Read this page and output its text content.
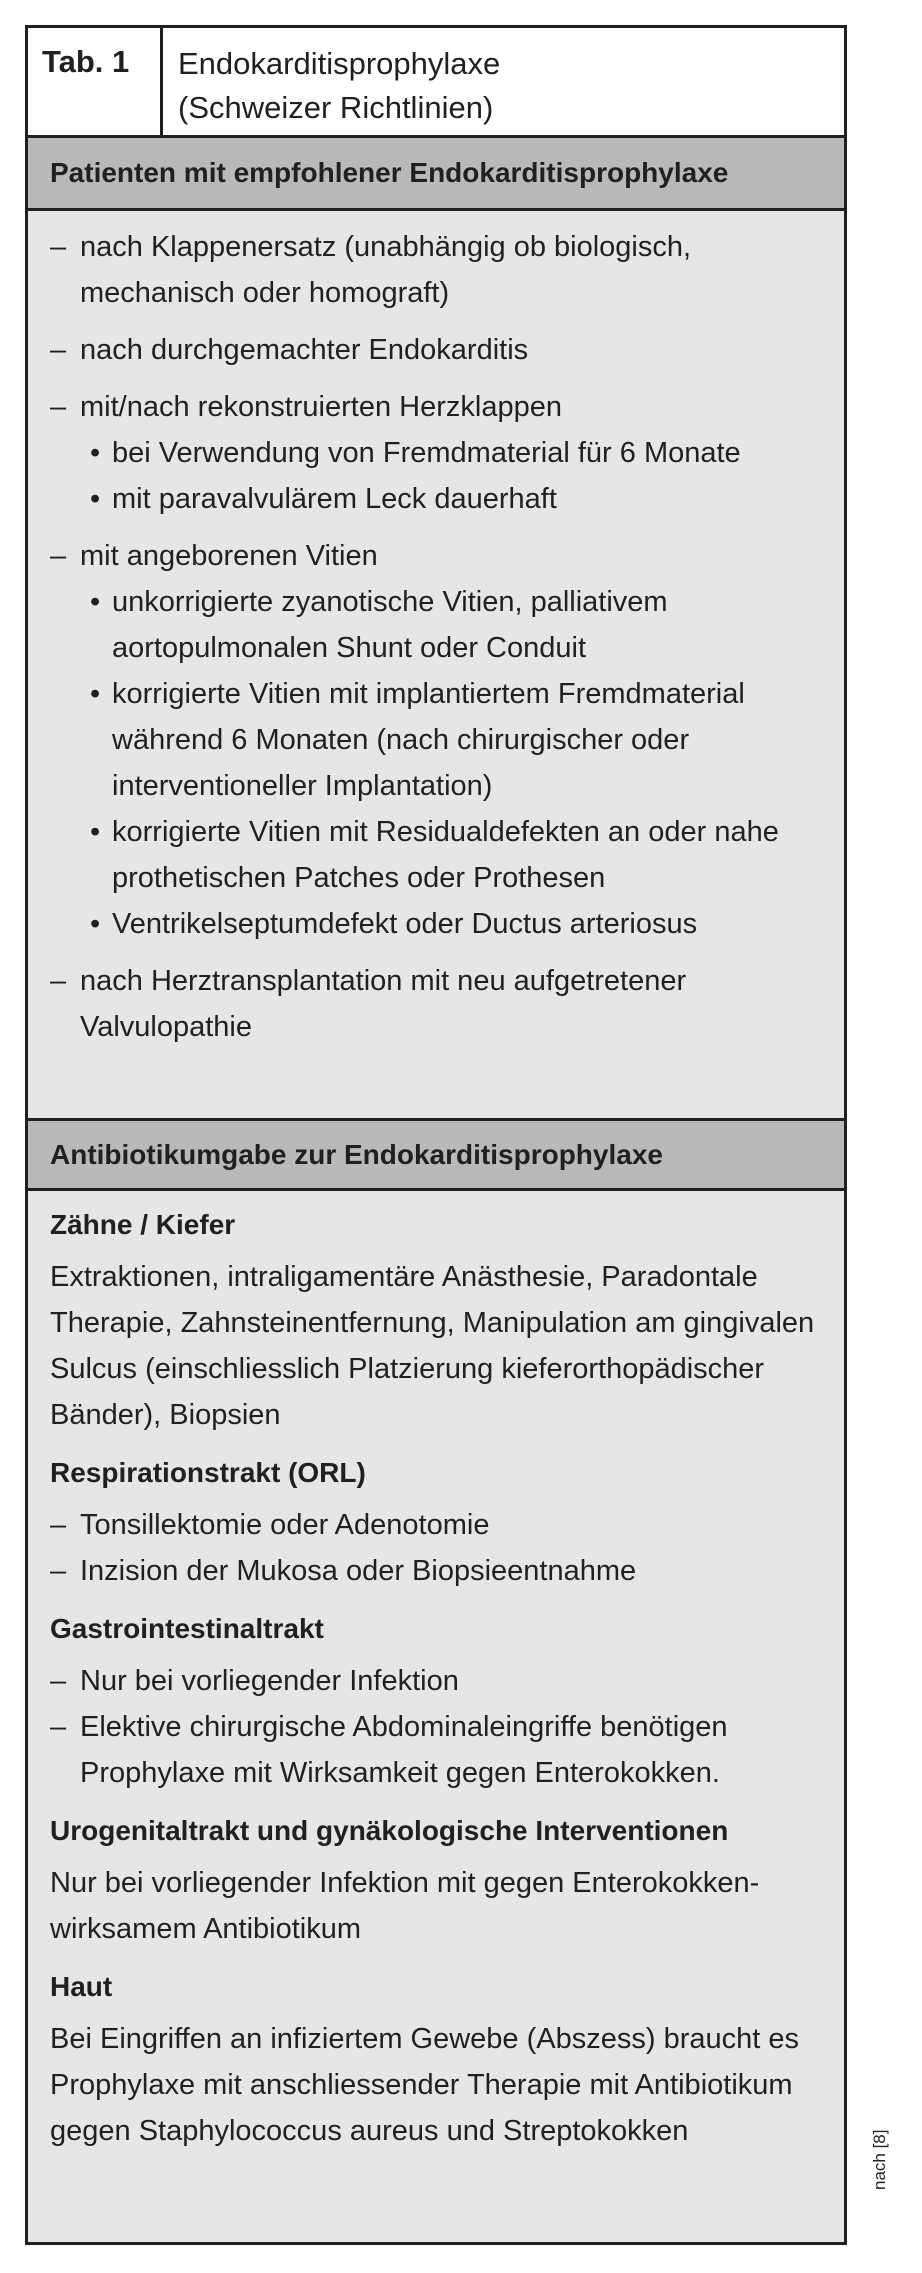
Tab. 1	Endokarditisprophylaxe
(Schweizer Richtlinien)
Patienten mit empfohlener Endokarditisprophylaxe
– nach Klappenersatz (unabhängig ob biologisch, mechanisch oder homograft)
– nach durchgemachter Endokarditis
– mit/nach rekonstruierten Herzklappen
• bei Verwendung von Fremdmaterial für 6 Monate
• mit paravalvulärem Leck dauerhaft
– mit angeborenen Vitien
• unkorrigierte zyanotische Vitien, palliativem aortopulmonalen Shunt oder Conduit
• korrigierte Vitien mit implantiertem Fremdmaterial während 6 Monaten (nach chirurgischer oder interventioneller Implantation)
• korrigierte Vitien mit Residualdefekten an oder nahe prothetischen Patches oder Prothesen
• Ventrikelseptumdefekt oder Ductus arteriosus
– nach Herztransplantation mit neu aufgetretener Valvulopathie
Antibiotikumgabe zur Endokarditisprophylaxe
Zähne / Kiefer
Extraktionen, intraligamentäre Anästhesie, Paradontale Therapie, Zahnsteinentfernung, Manipulation am gingivalen Sulcus (einschliesslich Platzierung kieferorthopädischer Bänder), Biopsien
Respirationstrakt (ORL)
– Tonsillektomie oder Adenotomie
– Inzision der Mukosa oder Biopsieentnahme
Gastrointestinaltrakt
– Nur bei vorliegender Infektion
– Elektive chirurgische Abdominaleingriffe benötigen Prophylaxe mit Wirksamkeit gegen Enterokokken.
Urogenitaltrakt und gynäkologische Interventionen
Nur bei vorliegender Infektion mit gegen Enterokokken-wirksamem Antibiotikum
Haut
Bei Eingriffen an infiziertem Gewebe (Abszess) braucht es Prophylaxe mit anschliessender Therapie mit Antibiotikum gegen Staphylococcus aureus und Streptokokken	nach [8]
